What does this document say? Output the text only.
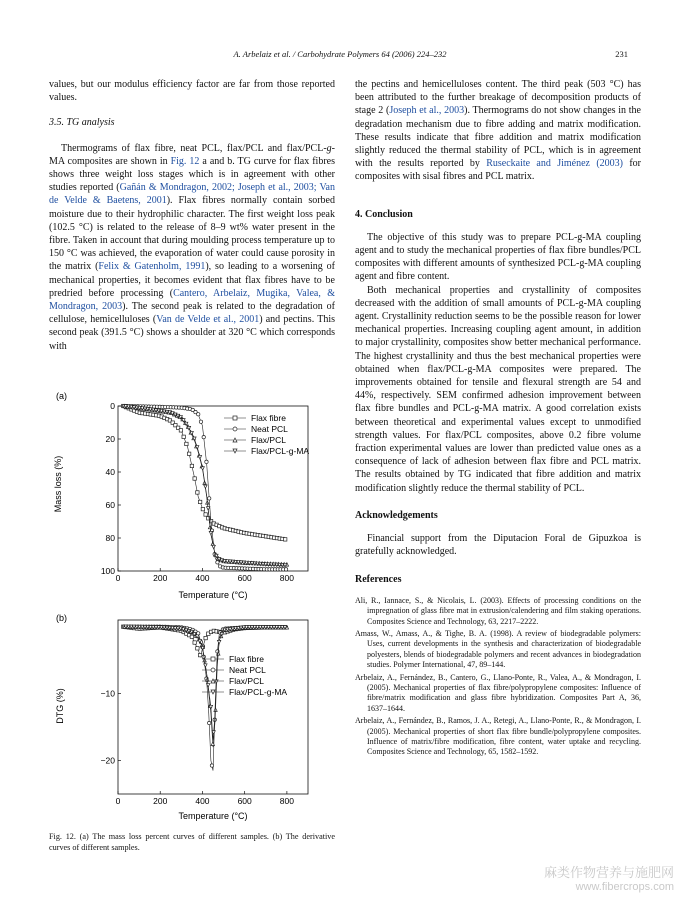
A. Arbelaiz et al. / Carbohydrate Polymers 64 (2006) 224–232	231

values, but our modulus efficiency factor are far from those reported values.

3.5. TG analysis

Thermograms of flax fibre, neat PCL, flax/PCL and flax/PCL-g-MA composites are shown in Fig. 12 a and b. TG curve for flax fibres shows three weight loss stages which is in agreement with other studies reported (Gañán & Mondragon, 2002; Joseph et al., 2003; Van de Velde & Baetens, 2001). Flax fibres normally contain sorbed moisture due to their hydrophilic character. The first weight loss peak (102.5 °C) is related to the release of 8–9 wt% water present in the fibre. Taken in account that during moulding process temperature up to 150 °C was achieved, the evaporation of water could cause porosity in the matrix (Felix & Gatenholm, 1991), so leading to a worsening of mechanical properties, it becomes evident that flax fibres have to be predried before processing (Cantero, Arbelaiz, Mugika, Valea, & Mondragon, 2003). The second peak is related to the degradation of cellulose, hemicelluloses (Van de Velde et al., 2001) and pectins. This second peak (391.5 °C) shows a shoulder at 320 °C which corresponds with

(a)
0	200	400	600	800
0
20
40
60
80
100
Flax fibre
Neat PCL
Flax/PCL
Flax/PCL-g-MA
Temperature (°C)
Mass loss (%)
(b)
0	200	400	600	800
−20
−10
Flax fibre
Neat PCL
Flax/PCL
Flax/PCL-g-MA
Temperature (°C)
DTG (%)
Fig. 12. (a) The mass loss percent curves of different samples. (b) The derivative curves of different samples.

the pectins and hemicelluloses content. The third peak (503 °C) has been attributed to the further breakage of decomposition products of stage 2 (Joseph et al., 2003). Thermograms do not show changes in the degradation mechanism due to fibre adding and matrix modification. These results indicate that fibre addition and matrix modification slightly reduced the thermal stability of PCL, which is in agreement with the results reported by Ruseckaite and Jiménez (2003) for composites with sisal fibres and PCL matrix.

4. Conclusion

The objective of this study was to prepare PCL-g-MA coupling agent and to study the mechanical properties of flax fibre bundles/PCL composites with different amounts of synthesized PCL-g-MA coupling agent and fibre content.

Both mechanical properties and crystallinity of composites decreased with the addition of small amounts of PCL-g-MA coupling agent. Crystallinity reduction seems to be the possible reason for lower mechanical properties. Increasing coupling agent amount, in addition to major crystallinity, composites show better mechanical performance. The highest crystallinity and thus the best mechanical properties were obtained when flax/PCL-g-MA composites were prepared. The improvements obtained for tensile and flexural strength are 54 and 44%, respectively. SEM confirmed adhesion improvement between flax fibre bundles and PCL-g-MA matrix. A good correlation exists between theoretical and experimental values except to unmodified strength values. For flax/PCL composites, above 0.2 fibre volume fraction experimental values are lower than predicted value ones as a consequence of lack of adhesion between flax fibre and PCL matrix. The results obtained by TG indicated that fibre addition and matrix modification slightly reduce the thermal stability of PCL.

Acknowledgements

Financial support from the Diputacion Foral de Gipuzkoa is gratefully acknowledged.

References

Ali, R., Iannace, S., & Nicolais, L. (2003). Effects of processing conditions on the impregnation of glass fibre mat in extrusion/calendering and film staking operations. Composites Science and Technology, 63, 2217–2222.

Amass, W., Amass, A., & Tighe, B. A. (1998). A review of biodegradable polymers: Uses, current developments in the synthesis and characterization of biodegradable polyesters, blends of biodegradable polymers and recent advances in biodegradation studies. Polymer International, 47, 89–144.

Arbelaiz, A., Fernández, B., Cantero, G., Llano-Ponte, R., Valea, A., & Mondragon, I. (2005). Mechanical properties of flax fibre/polypropylene composites: Influence of fibre/matrix modification and glass fibre hybridization. Composites Part A, 36, 1637–1644.

Arbelaiz, A., Fernández, B., Ramos, J. A., Retegi, A., Llano-Ponte, R., & Mondragon, I. (2005). Mechanical properties of short flax fibre bundle/polypropylene composites. Influence of matrix/fibre modification, fibre content, water uptake and recycling. Composites Science and Technology, 65, 1582–1592.

麻类作物营养与施肥网
www.fibercrops.com
